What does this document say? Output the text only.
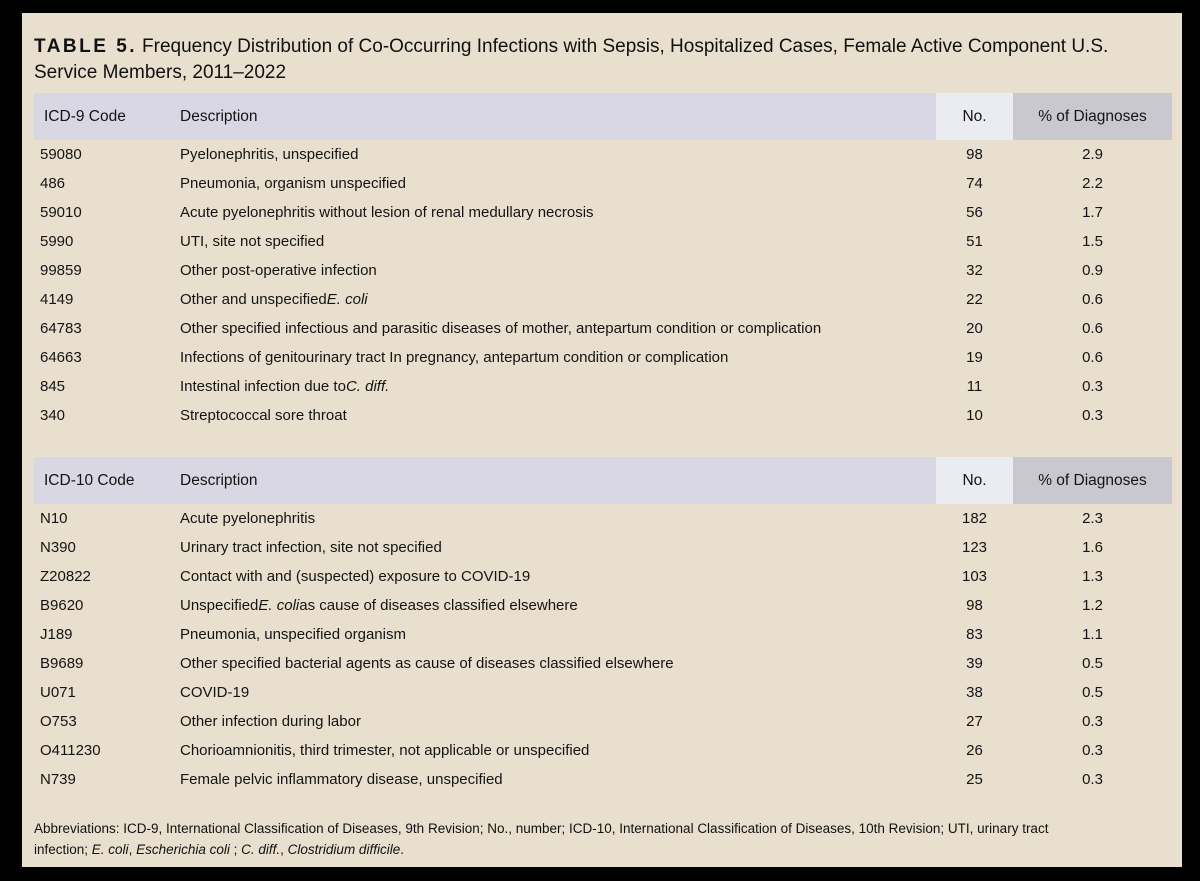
TABLE 5. Frequency Distribution of Co-Occurring Infections with Sepsis, Hospitalized Cases, Female Active Component U.S. Service Members, 2011–2022
ICD-9 Code	Description	No.	% of Diagnoses
59080	Pyelonephritis, unspecified	98	2.9
486	Pneumonia, organism unspecified	74	2.2
59010	Acute pyelonephritis without lesion of renal medullary necrosis	56	1.7
5990	UTI, site not specified	51	1.5
99859	Other post-operative infection	32	0.9
4149	Other and unspecified E. coli	22	0.6
64783	Other specified infectious and parasitic diseases of mother, antepartum condition or complication	20	0.6
64663	Infections of genitourinary tract In pregnancy, antepartum condition or complication	19	0.6
845	Intestinal infection due to C. diff.	11	0.3
340	Streptococcal sore throat	10	0.3
ICD-10 Code	Description	No.	% of Diagnoses
N10	Acute pyelonephritis	182	2.3
N390	Urinary tract infection, site not specified	123	1.6
Z20822	Contact with and (suspected) exposure to COVID-19	103	1.3
B9620	Unspecified E. coli as cause of diseases classified elsewhere	98	1.2
J189	Pneumonia, unspecified organism	83	1.1
B9689	Other specified bacterial agents as cause of diseases classified elsewhere	39	0.5
U071	COVID-19	38	0.5
O753	Other infection during labor	27	0.3
O411230	Chorioamnionitis, third trimester, not applicable or unspecified	26	0.3
N739	Female pelvic inflammatory disease, unspecified	25	0.3
Abbreviations: ICD-9, International Classification of Diseases, 9th Revision; No., number; ICD-10, International Classification of Diseases, 10th Revision; UTI, urinary tract
infection; E. coli, Escherichia coli ; C. diff., Clostridium difficile.
